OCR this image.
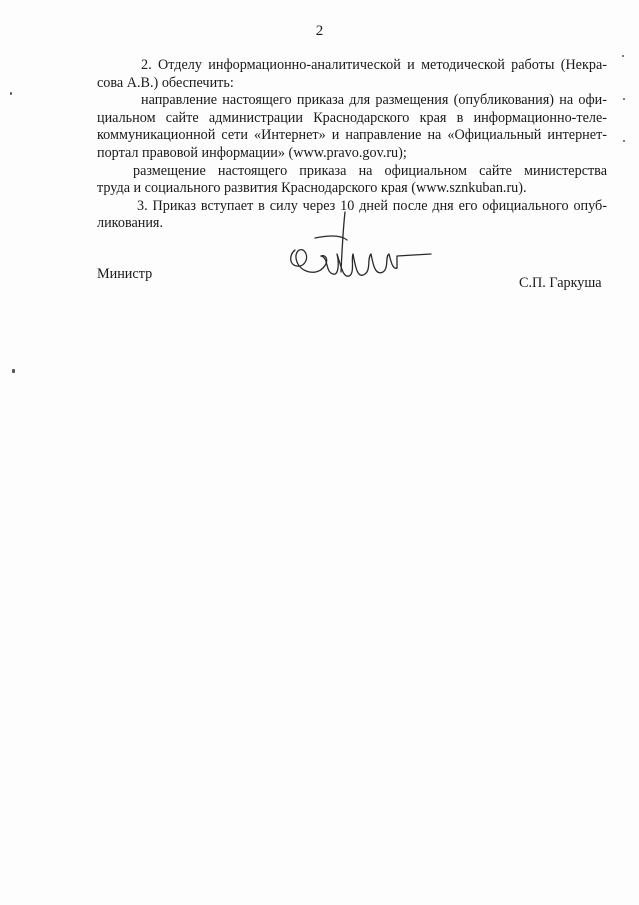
2

2. Отделу информационно-аналитической и методической работы (Некра-
сова А.В.) обеспечить:

направление настоящего приказа для размещения (опубликования) на офи-
циальном сайте администрации Краснодарского края в информационно-теле-
коммуникационной сети «Интернет» и направление на «Официальный интернет-
портал правовой информации» (www.pravo.gov.ru);

размещение настоящего приказа на официальном сайте министерства
труда и социального развития Краснодарского края (www.sznkuban.ru).

3. Приказ вступает в силу через 10 дней после дня его официального опуб-
ликования.

Министр
С.П. Гаркуша
